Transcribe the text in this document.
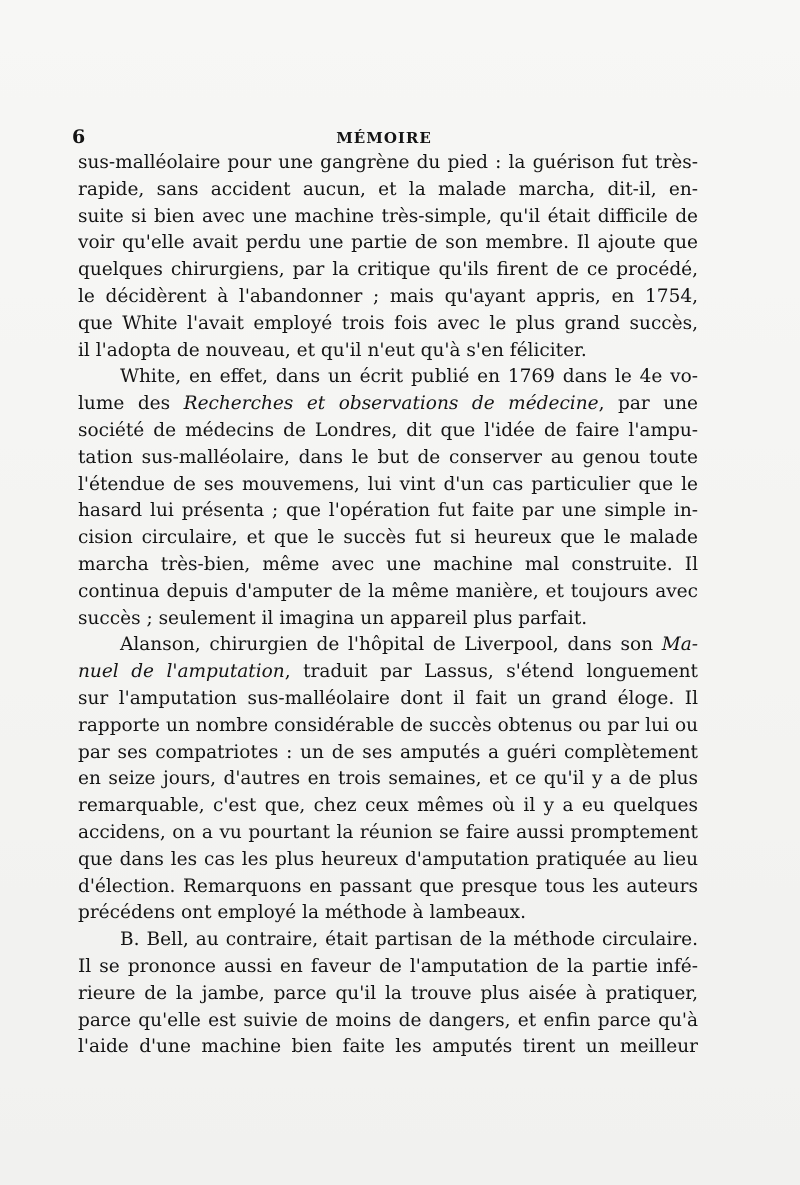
6	MÉMOIRE
sus-malléolaire pour une gangrène du pied : la guérison fut très-
rapide, sans accident aucun, et la malade marcha, dit-il, en-
suite si bien avec une machine très-simple, qu'il était difficile de
voir qu'elle avait perdu une partie de son membre. Il ajoute que
quelques chirurgiens, par la critique qu'ils firent de ce procédé,
le décidèrent à l'abandonner ; mais qu'ayant appris, en 1754,
que White l'avait employé trois fois avec le plus grand succès,
il l'adopta de nouveau, et qu'il n'eut qu'à s'en féliciter.
White, en effet, dans un écrit publié en 1769 dans le 4e vo-
lume des Recherches et observations de médecine, par une
société de médecins de Londres, dit que l'idée de faire l'ampu-
tation sus-malléolaire, dans le but de conserver au genou toute
l'étendue de ses mouvemens, lui vint d'un cas particulier que le
hasard lui présenta ; que l'opération fut faite par une simple in-
cision circulaire, et que le succès fut si heureux que le malade
marcha très-bien, même avec une machine mal construite. Il
continua depuis d'amputer de la même manière, et toujours avec
succès ; seulement il imagina un appareil plus parfait.
Alanson, chirurgien de l'hôpital de Liverpool, dans son Ma-
nuel de l'amputation, traduit par Lassus, s'étend longuement
sur l'amputation sus-malléolaire dont il fait un grand éloge. Il
rapporte un nombre considérable de succès obtenus ou par lui ou
par ses compatriotes : un de ses amputés a guéri complètement
en seize jours, d'autres en trois semaines, et ce qu'il y a de plus
remarquable, c'est que, chez ceux mêmes où il y a eu quelques
accidens, on a vu pourtant la réunion se faire aussi promptement
que dans les cas les plus heureux d'amputation pratiquée au lieu
d'élection. Remarquons en passant que presque tous les auteurs
précédens ont employé la méthode à lambeaux.
B. Bell, au contraire, était partisan de la méthode circulaire.
Il se prononce aussi en faveur de l'amputation de la partie infé-
rieure de la jambe, parce qu'il la trouve plus aisée à pratiquer,
parce qu'elle est suivie de moins de dangers, et enfin parce qu'à
l'aide d'une machine bien faite les amputés tirent un meilleur
